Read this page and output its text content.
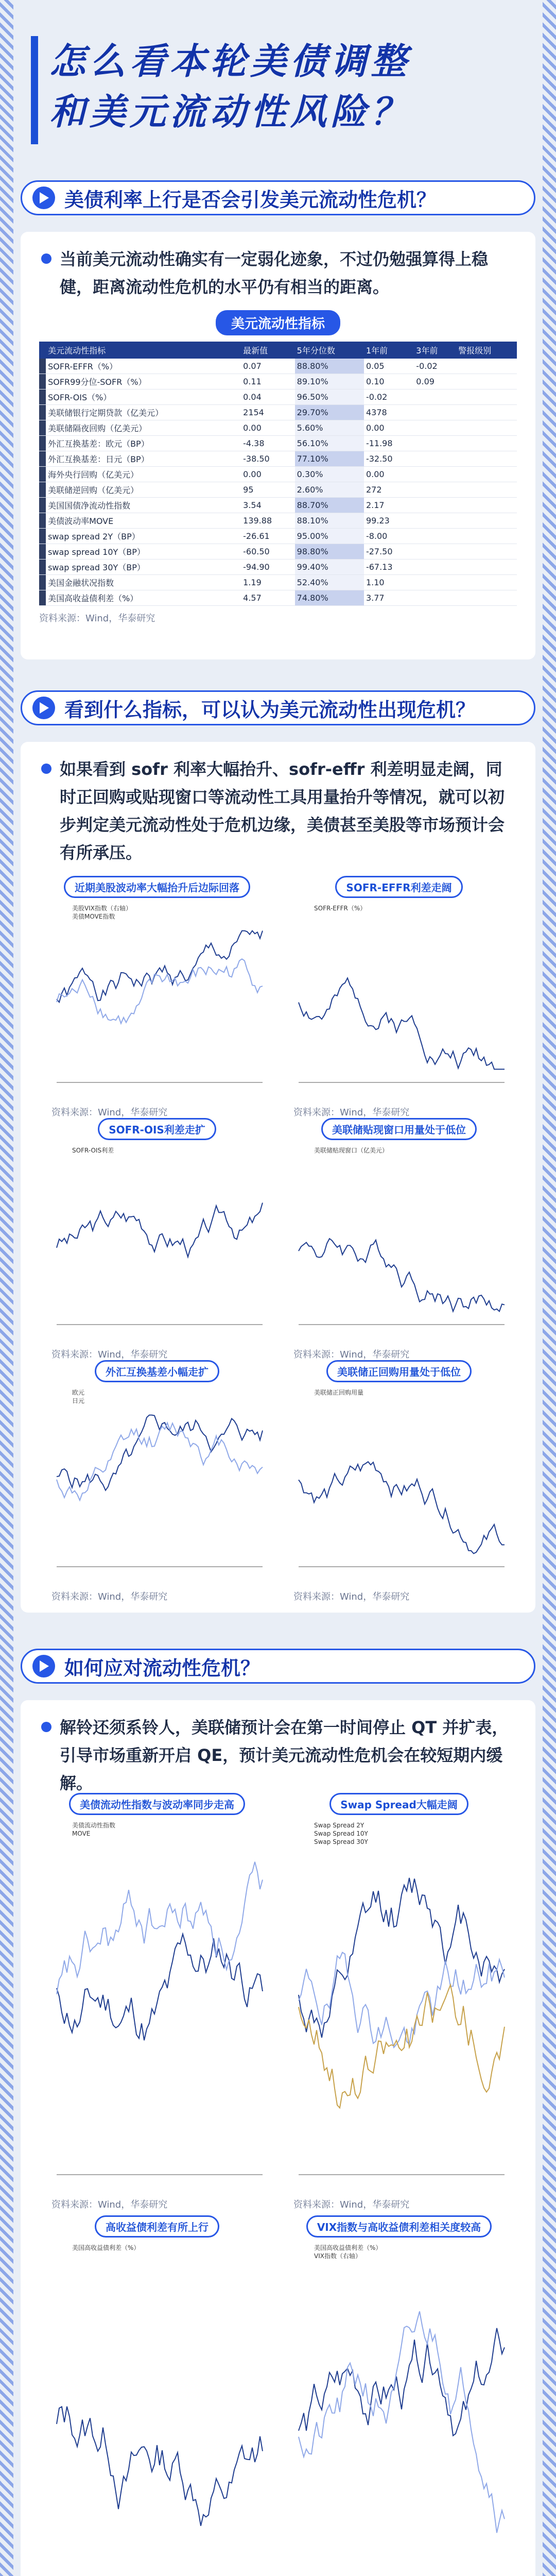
怎么看本轮美债调整
和美元流动性风险？
美债利率上行是否会引发美元流动性危机？
当前美元流动性确实有一定弱化迹象，不过仍勉强算得上稳健，距离流动性危机的水平仍有相当的距离。
美元流动性指标
	美元流动性指标	最新值	5年分位数	1年前	3年前	警报级别
	SOFR-EFFR（%）	0.07	88.80%	0.05	-0.02	
	SOFR99分位-SOFR（%）	0.11	89.10%	0.10	0.09	
	SOFR-OIS（%）	0.04	96.50%	-0.02		
	美联储银行定期贷款（亿美元）	2154	29.70%	4378		
	美联储隔夜回购（亿美元）	0.00	5.60%	0.00		
	外汇互换基差：欧元（BP）	-4.38	56.10%	-11.98		
	外汇互换基差：日元（BP）	-38.50	77.10%	-32.50		
	海外央行回购（亿美元）	0.00	0.30%	0.00		
	美联储逆回购（亿美元）	95	2.60%	272		
	美国国债净流动性指数	3.54	88.70%	2.17		
	美债波动率MOVE	139.88	88.10%	99.23		
	swap spread 2Y（BP）	-26.61	95.00%	-8.00		
	swap spread 10Y（BP）	-60.50	98.80%	-27.50		
	swap spread 30Y（BP）	-94.90	99.40%	-67.13		
	美国金融状况指数	1.19	52.40%	1.10		
	美国高收益债利差（%）	4.57	74.80%	3.77		
资料来源：Wind，华泰研究
看到什么指标，可以认为美元流动性出现危机？
如果看到 sofr 利率大幅抬升、sofr-effr 利差明显走阔，同时正回购或贴现窗口等流动性工具用量抬升等情况，就可以初步判定美元流动性处于危机边缘，美债甚至美股等市场预计会有所承压。
近期美股波动率大幅抬升后边际回落
美股VIX指数（右轴）
美债MOVE指数
资料来源：Wind，华泰研究
SOFR-EFFR利差走阔
SOFR-EFFR（%）
资料来源：Wind，华泰研究
SOFR-OIS利差走扩
SOFR-OIS利差
资料来源：Wind，华泰研究
美联储贴现窗口用量处于低位
美联储贴现窗口（亿美元）
资料来源：Wind，华泰研究
外汇互换基差小幅走扩
欧元
日元
资料来源：Wind，华泰研究
美联储正回购用量处于低位
美联储正回购用量
资料来源：Wind，华泰研究
如何应对流动性危机？
解铃还须系铃人，美联储预计会在第一时间停止 QT 并扩表，引导市场重新开启 QE，预计美元流动性危机会在较短期内缓解。
美债流动性指数与波动率同步走高
美债流动性指数
MOVE
资料来源：Wind，华泰研究
Swap Spread大幅走阔
Swap Spread 2Y
Swap Spread 10Y
Swap Spread 30Y
资料来源：Wind，华泰研究
高收益债利差有所上行
美国高收益债利差（%）
VIX指数与高收益债利差相关度较高
美国高收益债利差（%）
VIX指数（右轴）
